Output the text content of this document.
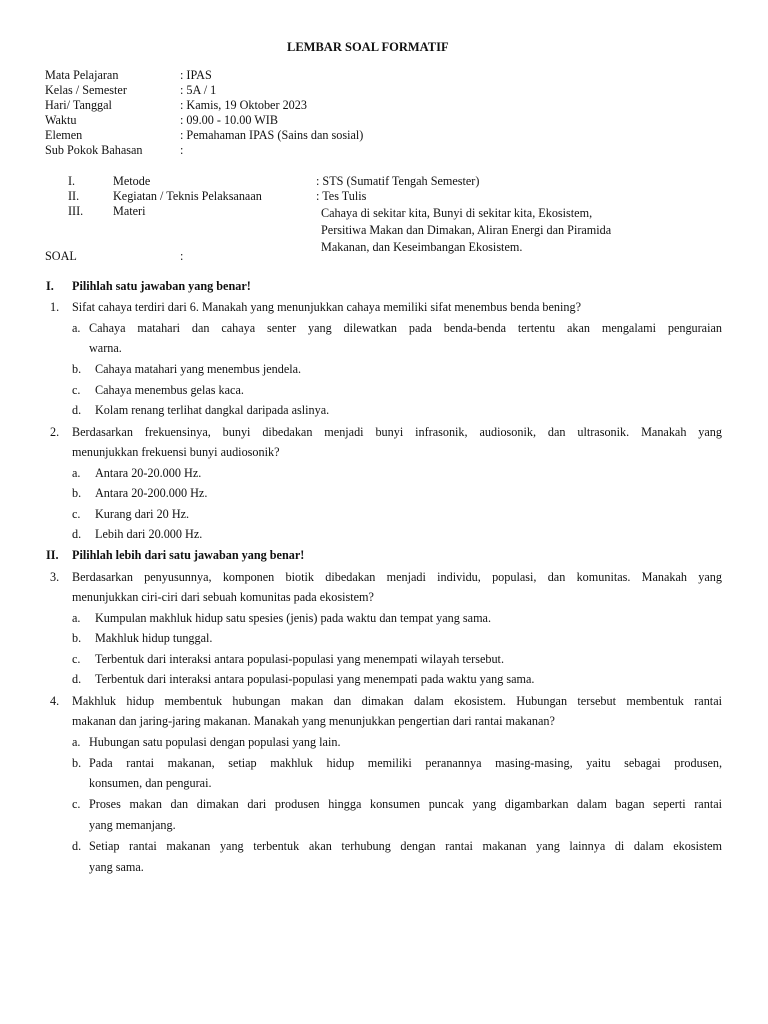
LEMBAR SOAL FORMATIF
Mata Pelajaran	: IPAS
Kelas / Semester	: 5A / 1
Hari/ Tanggal	: Kamis, 19 Oktober 2023
Waktu	: 09.00 - 10.00 WIB
Elemen	: Pemahaman IPAS (Sains dan sosial)
Sub Pokok Bahasan	:
I.	Metode	: STS (Sumatif Tengah Semester)
II.	Kegiatan / Teknis Pelaksanaan	: Tes Tulis
III. Materi	Cahaya di sekitar kita, Bunyi di sekitar kita, Ekosistem,
Persitiwa Makan dan Dimakan, Aliran Energi dan Piramida
Makanan, dan Keseimbangan Ekosistem.
SOAL	:
I. Pilihlah satu jawaban yang benar!
1. Sifat cahaya terdiri dari 6. Manakah yang menunjukkan cahaya memiliki sifat menembus benda bening?
a. Cahaya matahari dan cahaya senter yang dilewatkan pada benda-benda tertentu akan mengalami penguraian
warna.
b. Cahaya matahari yang menembus jendela.
c. Cahaya menembus gelas kaca.
d. Kolam renang terlihat dangkal daripada aslinya.
2. Berdasarkan frekuensinya, bunyi dibedakan menjadi bunyi infrasonik, audiosonik, dan ultrasonik. Manakah yang
menunjukkan frekuensi bunyi audiosonik?
a. Antara 20-20.000 Hz.
b. Antara 20-200.000 Hz.
c. Kurang dari 20 Hz.
d. Lebih dari 20.000 Hz.
II. Pilihlah lebih dari satu jawaban yang benar!
3. Berdasarkan penyusunnya, komponen biotik dibedakan menjadi individu, populasi, dan komunitas. Manakah yang
menunjukkan ciri-ciri dari sebuah komunitas pada ekosistem?
a. Kumpulan makhluk hidup satu spesies (jenis) pada waktu dan tempat yang sama.
b. Makhluk hidup tunggal.
c. Terbentuk dari interaksi antara populasi-populasi yang menempati wilayah tersebut.
d. Terbentuk dari interaksi antara populasi-populasi yang menempati pada waktu yang sama.
4. Makhluk hidup membentuk hubungan makan dan dimakan dalam ekosistem. Hubungan tersebut membentuk rantai
makanan dan jaring-jaring makanan. Manakah yang menunjukkan pengertian dari rantai makanan?
a. Hubungan satu populasi dengan populasi yang lain.
b. Pada rantai makanan, setiap makhluk hidup memiliki peranannya masing-masing, yaitu sebagai produsen,
konsumen, dan pengurai.
c. Proses makan dan dimakan dari produsen hingga konsumen puncak yang digambarkan dalam bagan seperti rantai
yang memanjang.
d. Setiap rantai makanan yang terbentuk akan terhubung dengan rantai makanan yang lainnya di dalam ekosistem
yang sama.
